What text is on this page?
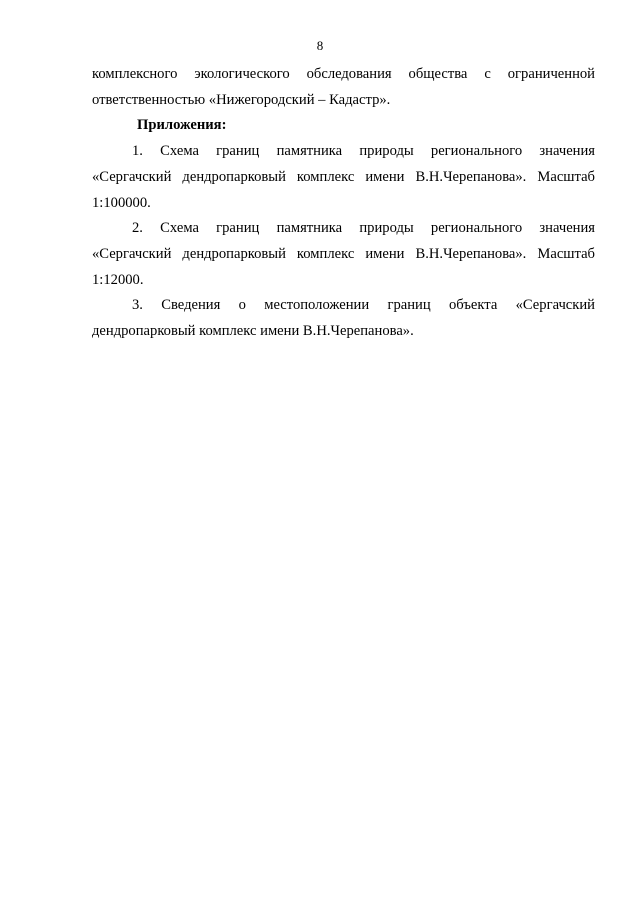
8

комплексного экологического обследования общества с ограниченной ответственностью «Нижегородский – Кадастр».

Приложения:

1. Схема границ памятника природы регионального значения «Сергачский дендропарковый комплекс имени В.Н.Черепанова». Масштаб 1:100000.

2. Схема границ памятника природы регионального значения «Сергачский дендропарковый комплекс имени В.Н.Черепанова». Масштаб 1:12000.

3. Сведения о местоположении границ объекта «Сергачский дендропарковый комплекс имени В.Н.Черепанова».
